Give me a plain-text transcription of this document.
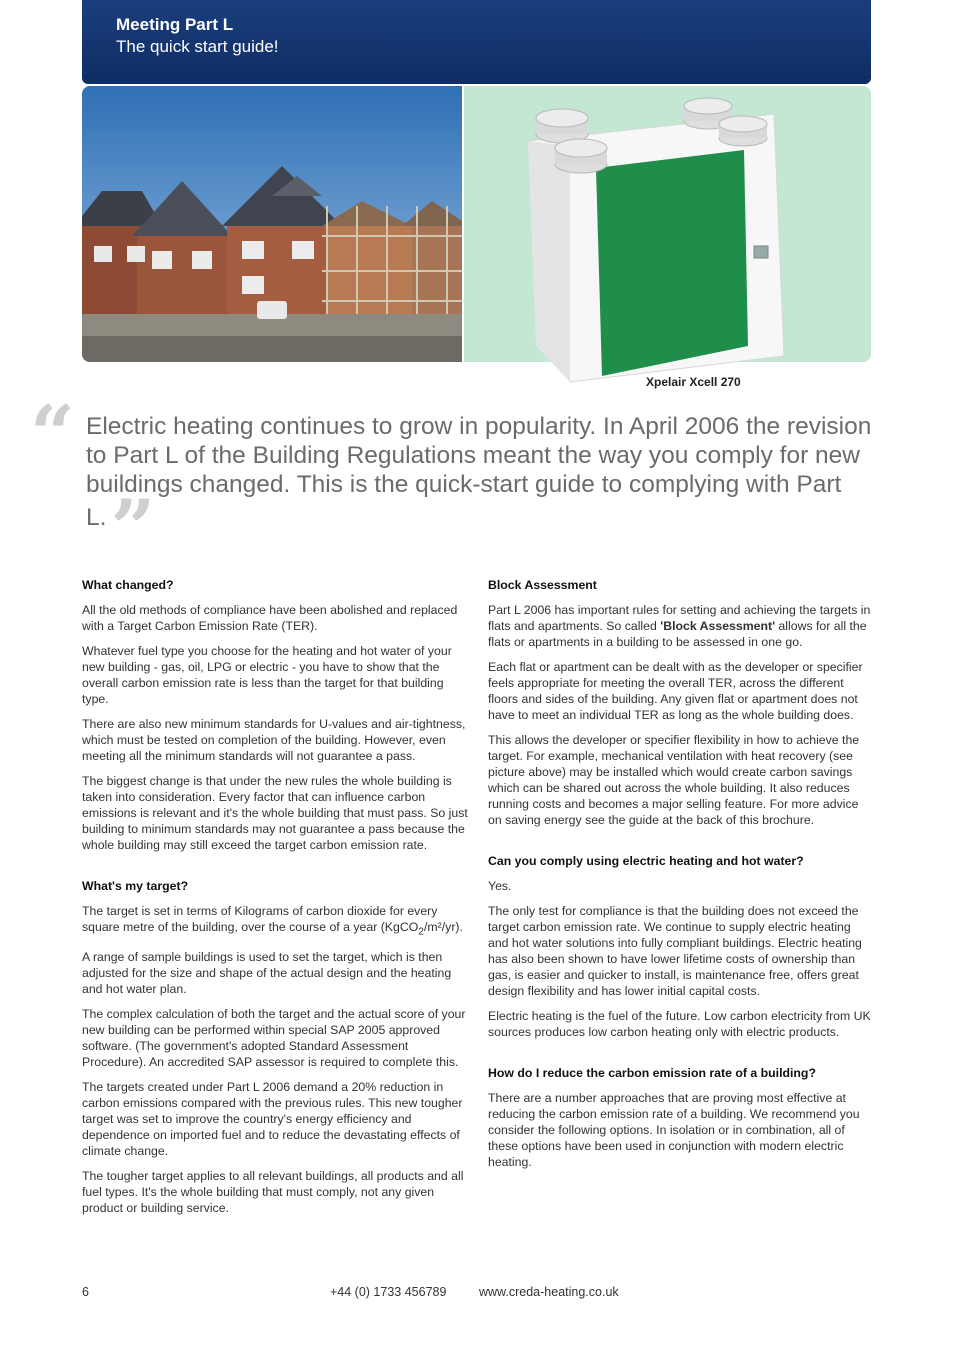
Meeting Part L
The quick start guide!
Xpelair Xcell 270
“ Electric heating continues to grow in popularity. In April 2006 the revision to Part L of the Building Regulations meant the way you comply for new buildings changed. This is the quick-start guide to complying with Part L.”
What changed?

All the old methods of compliance have been abolished and replaced with a Target Carbon Emission Rate (TER).

Whatever fuel type you choose for the heating and hot water of your new building - gas, oil, LPG or electric - you have to show that the overall carbon emission rate is less than the target for that building type.

There are also new minimum standards for U-values and air-tightness, which must be tested on completion of the building. However, even meeting all the minimum standards will not guarantee a pass.

The biggest change is that under the new rules the whole building is taken into consideration. Every factor that can influence carbon emissions is relevant and it's the whole building that must pass. So just building to minimum standards may not guarantee a pass because the whole building may still exceed the target carbon emission rate.

What's my target?

The target is set in terms of Kilograms of carbon dioxide for every square metre of the building, over the course of a year (KgCO$_2$/m²/yr).

A range of sample buildings is used to set the target, which is then adjusted for the size and shape of the actual design and the heating and hot water plan.

The complex calculation of both the target and the actual score of your new building can be performed within special SAP 2005 approved software. (The government's adopted Standard Assessment Procedure). An accredited SAP assessor is required to complete this.

The targets created under Part L 2006 demand a 20% reduction in carbon emissions compared with the previous rules. This new tougher target was set to improve the country's energy efficiency and dependence on imported fuel and to reduce the devastating effects of climate change.

The tougher target applies to all relevant buildings, all products and all fuel types. It's the whole building that must comply, not any given product or building service.

Block Assessment

Part L 2006 has important rules for setting and achieving the targets in flats and apartments. So called 'Block Assessment' allows for all the flats or apartments in a building to be assessed in one go.

Each flat or apartment can be dealt with as the developer or specifier feels appropriate for meeting the overall TER, across the different floors and sides of the building. Any given flat or apartment does not have to meet an individual TER as long as the whole building does.

This allows the developer or specifier flexibility in how to achieve the target. For example, mechanical ventilation with heat recovery (see picture above) may be installed which would create carbon savings which can be shared out across the whole building. It also reduces running costs and becomes a major selling feature. For more advice on saving energy see the guide at the back of this brochure.

Can you comply using electric heating and hot water?

Yes.

The only test for compliance is that the building does not exceed the target carbon emission rate. We continue to supply electric heating and hot water solutions into fully compliant buildings. Electric heating has also been shown to have lower lifetime costs of ownership than gas, is easier and quicker to install, is maintenance free, offers great design flexibility and has lower initial capital costs.

Electric heating is the fuel of the future. Low carbon electricity from UK sources produces low carbon heating only with electric products.

How do I reduce the carbon emission rate of a building?

There are a number approaches that are proving most effective at reducing the carbon emission rate of a building. We recommend you consider the following options. In isolation or in combination, all of these options have been used in conjunction with modern electric heating.

6	+44 (0) 1733 456789	www.creda-heating.co.uk
